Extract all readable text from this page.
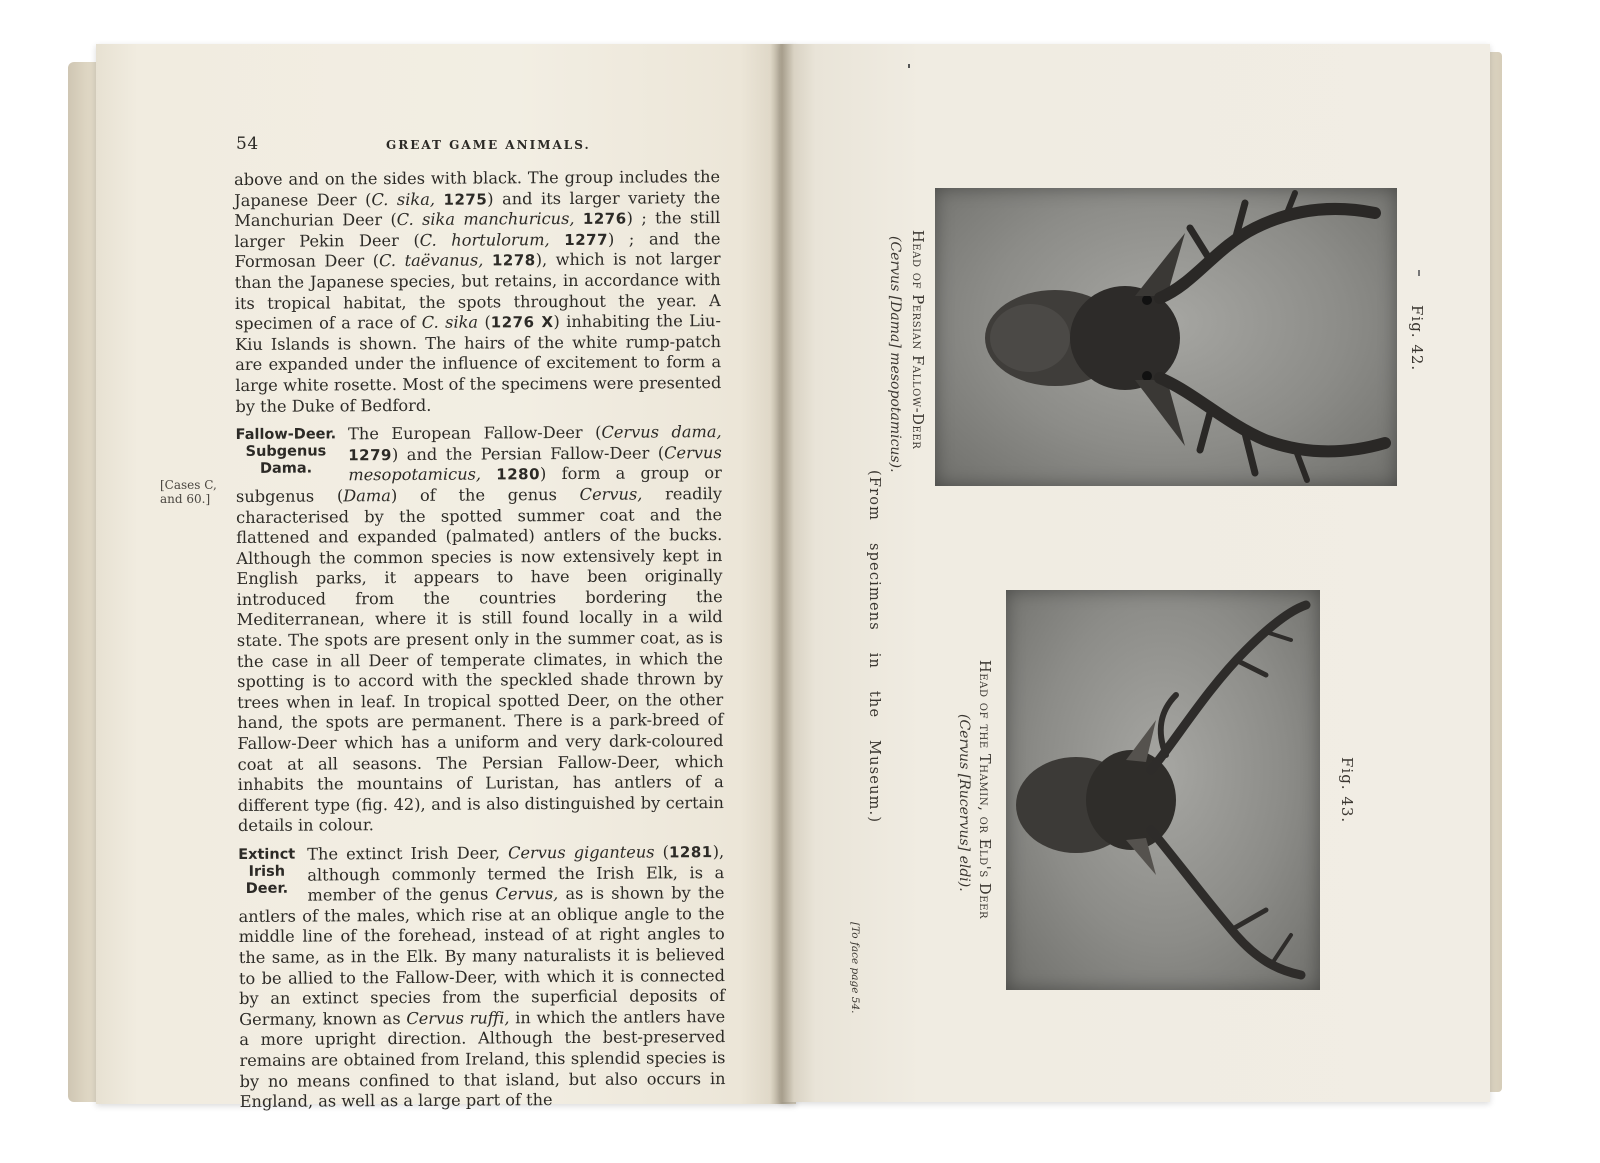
54	GREAT GAME ANIMALS.
[Cases C,
and 60.]

above and on the sides with black. The group includes the Japanese Deer (C. sika, 1275) and its larger variety the Manchurian Deer (C. sika manchuricus, 1276) ; the still larger Pekin Deer (C. hortulorum, 1277) ; and the Formosan Deer (C. taëvanus, 1278), which is not larger than the Japanese species, but retains, in accordance with its tropical habitat, the spots throughout the year. A specimen of a race of C. sika (1276 X) inhabiting the Liu-Kiu Islands is shown. The hairs of the white rump-patch are expanded under the influence of excitement to form a large white rosette. Most of the specimens were presented by the Duke of Bedford.

Fallow-Deer.
Subgenus
Dama.
The European Fallow-Deer (Cervus dama, 1279) and the Persian Fallow-Deer (Cervus mesopotamicus, 1280) form a group or subgenus (Dama) of the genus Cervus, readily characterised by the spotted summer coat and the flattened and expanded (palmated) antlers of the bucks. Although the common species is now extensively kept in English parks, it appears to have been originally introduced from the countries bordering the Mediterranean, where it is still found locally in a wild state. The spots are present only in the summer coat, as is the case in all Deer of temperate climates, in which the spotting is to accord with the speckled shade thrown by trees when in leaf. In tropical spotted Deer, on the other hand, the spots are permanent. There is a park-breed of Fallow-Deer which has a uniform and very dark-coloured coat at all seasons. The Persian Fallow-Deer, which inhabits the mountains of Luristan, has antlers of a different type (fig. 42), and is also distinguished by certain details in colour.

Extinct
Irish
Deer.
The extinct Irish Deer, Cervus giganteus (1281), although commonly termed the Irish Elk, is a member of the genus Cervus, as is shown by the antlers of the males, which rise at an oblique angle to the middle line of the forehead, instead of at right angles to the same, as in the Elk. By many naturalists it is believed to be allied to the Fallow-Deer, with which it is connected by an extinct species from the superficial deposits of Germany, known as Cervus ruffi, in which the antlers have a more upright direction. Although the best-preserved remains are obtained from Ireland, this splendid species is by no means confined to that island, but also occurs in England, as well as a large part of the

Fig. 42.
Head of Persian Fallow-Deer
(Cervus [Dama] mesopotamicus).
Fig. 43.
Head of the Thamin, or Eld's Deer
(Cervus [Rucervus] eldi).
(From specimens in the Museum.)
[To face page 54.
